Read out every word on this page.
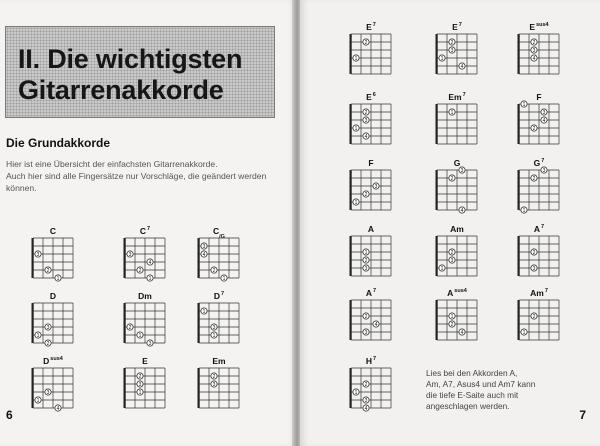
II. Die wichtigsten
Gitarrenakkorde
Die Grundakkorde
Hier ist eine Übersicht der einfachsten Gitarrenakkorde.
Auch hier sind alle Fingersätze nur Vorschläge, die geändert werden
können.
C
3
2
1
$C^7$
3
2
1
4
$C_{/G}$
3
4
2
1
D
1
3
2
Dm
2
1
3
$D^7$
1
1
3
$D^{sus4}$
1
3
4
E
1
2
3
Em
2
3
6
$E^7$
1
2
$E^7$
1
2
3
4
$E^{sus4}$
2
3
4
$E^6$
1
2
3
4
Em$^7$
1
F
1
2
3
4
F
1
2
3
G
2
3
4
$G^7$
1
2
3
A
1
2
3
Am
1
2
3
$A^7$
2
3
$A^7$
2
3
4
$A^{sus4}$
1
2
4
Am$^7$
1
2
$H^7$
1
2
3
4
Lies bei den Akkorden A,
Am, A7, Asus4 und Am7 kann
die tiefe E-Saite auch mit
angeschlagen werden.
7
